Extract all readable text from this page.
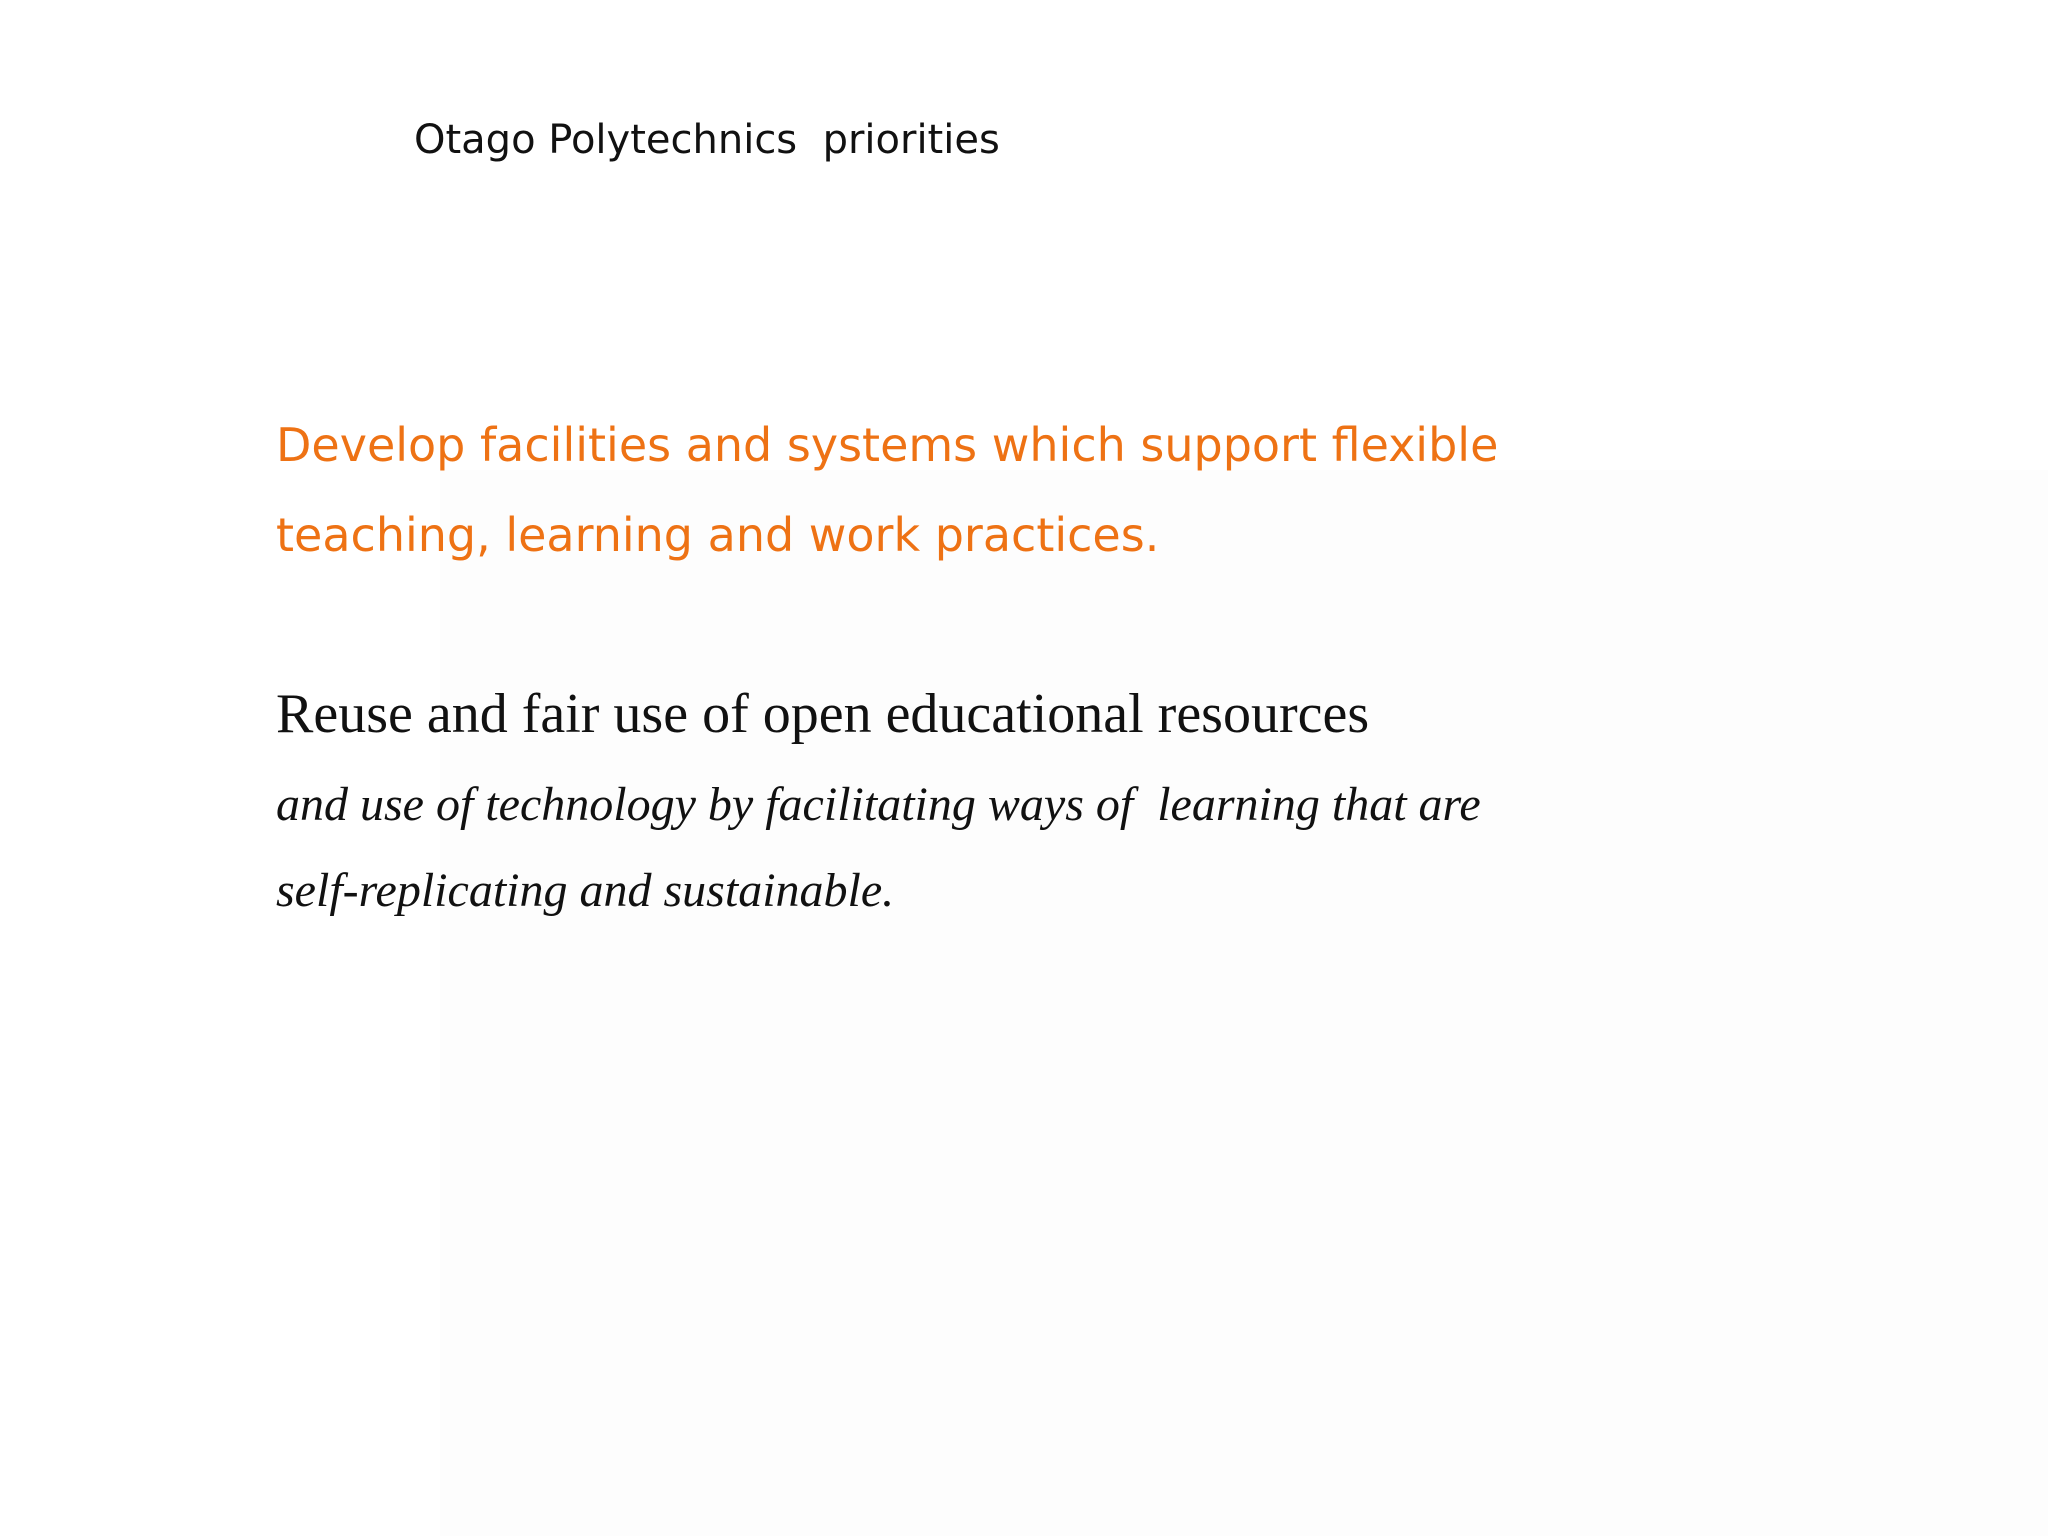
Otago Polytechnics  priorities
Develop facilities and systems which support flexible
teaching, learning and work practices.
Reuse and fair use of open educational resources
and use of technology by facilitating ways of  learning that are
self-replicating and sustainable.
